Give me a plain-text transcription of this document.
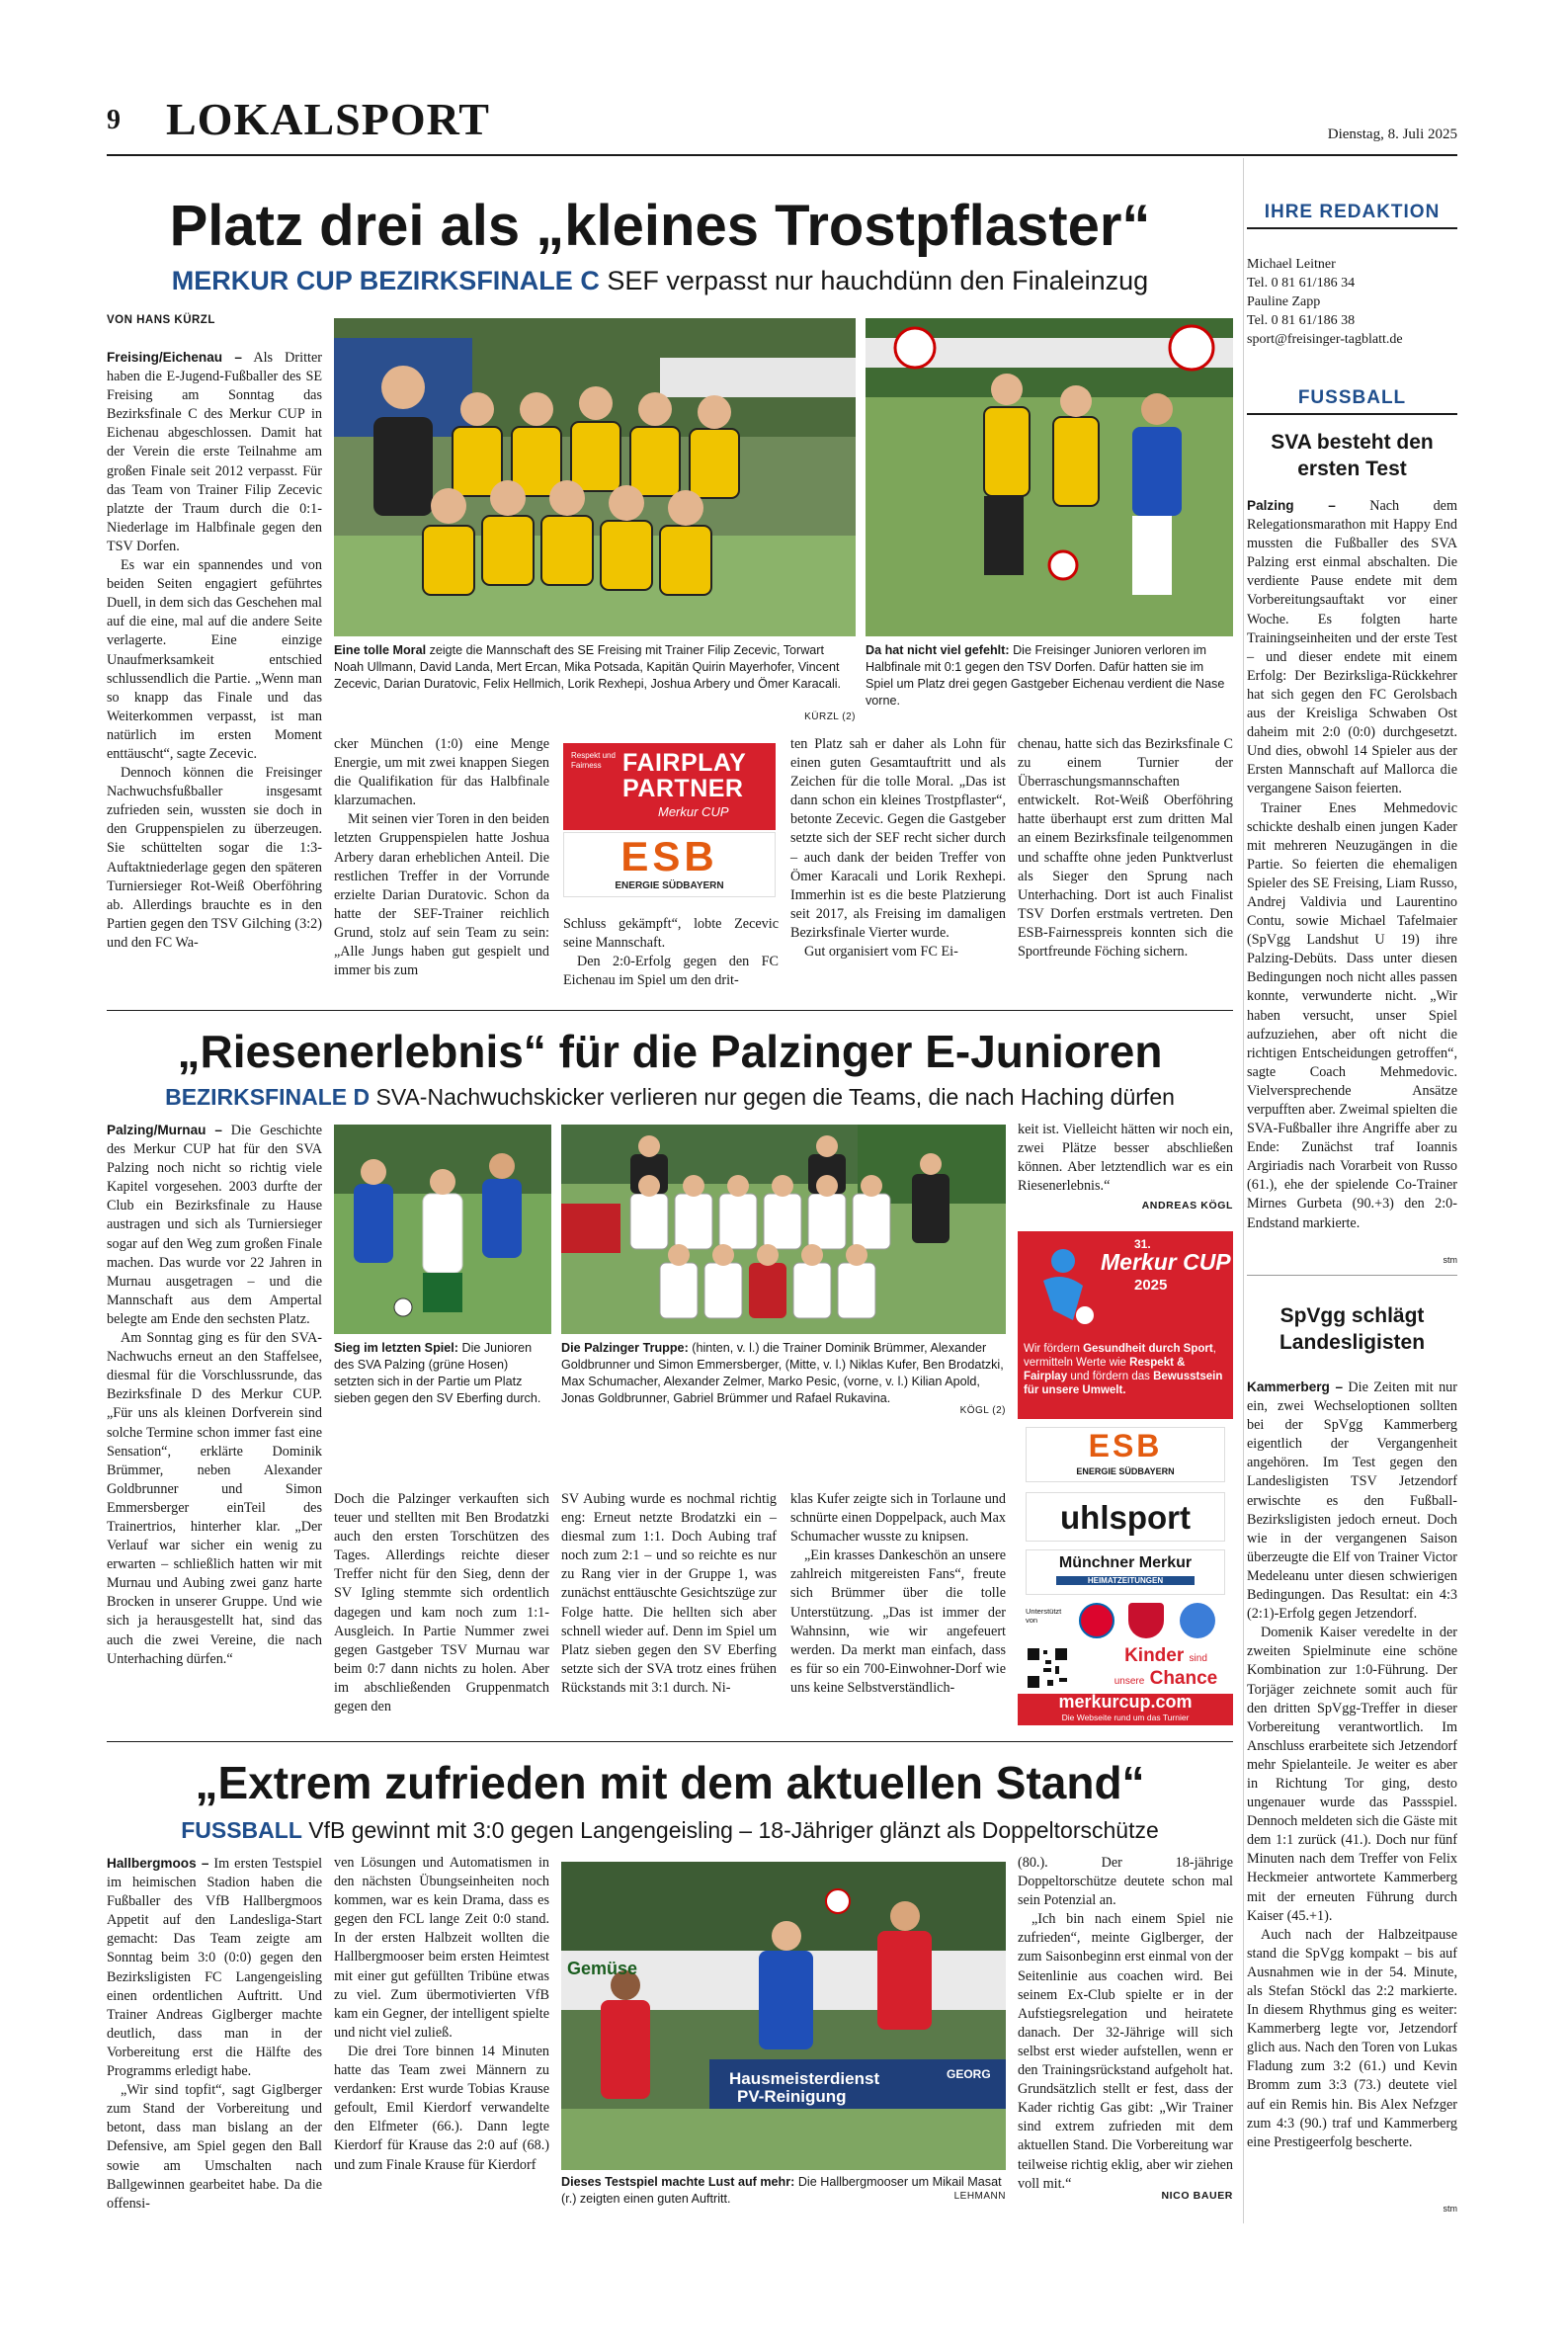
9 LOKALSPORT	Dienstag, 8. Juli 2025
Platz drei als „kleines Trostpflaster“
MERKUR CUP BEZIRKSFINALE C SEF verpasst nur hauchdünn den Finaleinzug
VON HANS KÜRZL

Freising/Eichenau – Als Dritter haben die E-Jugend-Fußballer des SE Freising am Sonntag das Bezirksfinale C des Merkur CUP in Eichenau abgeschlossen. Damit hat der Verein die erste Teilnahme am großen Finale seit 2012 verpasst. Für das Team von Trainer Filip Zecevic platzte der Traum durch die 0:1-Niederlage im Halbfinale gegen den TSV Dorfen.

Es war ein spannendes und von beiden Seiten engagiert geführtes Duell, in dem sich das Geschehen mal auf die eine, mal auf die andere Seite verlagerte. Eine einzige Unaufmerksamkeit entschied schlussendlich die Partie. „Wenn man so knapp das Finale und das Weiterkommen verpasst, ist man natürlich im ersten Moment enttäuscht“, sagte Zecevic.

Dennoch können die Freisinger Nachwuchsfußballer insgesamt zufrieden sein, wussten sie doch in den Gruppenspielen zu überzeugen. Sie schüttelten sogar die 1:3-Auftaktniederlage gegen den späteren Turniersieger Rot-Weiß Oberföhring ab. Allerdings brauchte es in den Partien gegen den TSV Gilching (3:2) und den FC Wa-

Eine tolle Moral zeigte die Mannschaft des SE Freising mit Trainer Filip Zecevic, Torwart Noah Ullmann, David Landa, Mert Ercan, Mika Potsada, Kapitän Quirin Mayerhofer, Vincent Zecevic, Darian Duratovic, Felix Hellmich, Lorik Rexhepi, Joshua Arbery und Ömer Karacali.
KÜRZL (2)
Da hat nicht viel gefehlt: Die Freisinger Junioren verloren im Halbfinale mit 0:1 gegen den TSV Dorfen. Dafür hatten sie im Spiel um Platz drei gegen Gastgeber Eichenau verdient die Nase vorne.

cker München (1:0) eine Menge Energie, um mit zwei knappen Siegen die Qualifikation für das Halbfinale klarzumachen.

Mit seinen vier Toren in den beiden letzten Gruppenspielen hatte Joshua Arbery daran erheblichen Anteil. Die restlichen Treffer in der Vorrunde erzielte Darian Duratovic. Schon da hatte der SEF-Trainer reichlich Grund, stolz auf sein Team zu sein: „Alle Jungs haben gut gespielt und immer bis zum

Respekt und Fairness FAIRPLAY
PARTNER
Merkur CUP
ESB
ENERGIE SÜDBAYERN

Schluss gekämpft“, lobte Zecevic seine Mannschaft.

Den 2:0-Erfolg gegen den FC Eichenau im Spiel um den drit-

ten Platz sah er daher als Lohn für einen guten Gesamtauftritt und als Zeichen für die tolle Moral. „Das ist dann schon ein kleines Trostpflaster“, betonte Zecevic. Gegen die Gastgeber setzte sich der SEF recht sicher durch – auch dank der beiden Treffer von Ömer Karacali und Lorik Rexhepi. Immerhin ist es die beste Platzierung seit 2017, als Freising im damaligen Bezirksfinale Vierter wurde.

Gut organisiert vom FC Ei-

chenau, hatte sich das Bezirksfinale C zu einem Turnier der Überraschungsmannschaften entwickelt. Rot-Weiß Oberföhring hatte überhaupt erst zum dritten Mal an einem Bezirksfinale teilgenommen und schaffte ohne jeden Punktverlust als Sieger den Sprung nach Unterhaching. Dort ist auch Finalist TSV Dorfen erstmals vertreten. Den ESB-Fairnesspreis konnten sich die Sportfreunde Föching sichern.

„Riesenerlebnis“ für die Palzinger E-Junioren
BEZIRKSFINALE D SVA-Nachwuchskicker verlieren nur gegen die Teams, die nach Haching dürfen

Palzing/Murnau – Die Geschichte des Merkur CUP hat für den SVA Palzing noch nicht so richtig viele Kapitel vorgesehen. 2003 durfte der Club ein Bezirksfinale zu Hause austragen und sich als Turniersieger sogar auf den Weg zum großen Finale machen. Das wurde vor 22 Jahren in Murnau ausgetragen – und die Mannschaft aus dem Ampertal belegte am Ende den sechsten Platz.

Am Sonntag ging es für den SVA-Nachwuchs erneut an den Staffelsee, diesmal für die Vorschlussrunde, das Bezirksfinale D des Merkur CUP. „Für uns als kleinen Dorfverein sind solche Termine schon immer fast eine Sensation“, erklärte Dominik Brümmer, neben Alexander Goldbrunner und Simon Emmersberger einTeil des Trainertrios, hinterher klar. „Der Verlauf war sicher ein wenig zu erwarten – schließlich hatten wir mit Murnau und Aubing zwei ganz harte Brocken in unserer Gruppe. Und wie sich ja herausgestellt hat, sind das auch die zwei Vereine, die nach Unterhaching dürfen.“

Sieg im letzten Spiel: Die Junioren des SVA Palzing (grüne Hosen) setzten sich in der Partie um Platz sieben gegen den SV Eberfing durch.
Die Palzinger Truppe: (hinten, v. l.) die Trainer Dominik Brümmer, Alexander Goldbrunner und Simon Emmersberger, (Mitte, v. l.) Niklas Kufer, Ben Brodatzki, Max Schumacher, Alexander Zelmer, Marko Pesic, (vorne, v. l.) Kilian Apold, Jonas Goldbrunner, Gabriel Brümmer und Rafael Rukavina.
KÖGL (2)

keit ist. Vielleicht hätten wir noch ein, zwei Plätze besser abschließen können. Aber letztendlich war es ein Riesenerlebnis.“

ANDREAS KÖGL

Doch die Palzinger verkauften sich teuer und stellten mit Ben Brodatzki auch den ersten Torschützen des Tages. Allerdings reichte dieser Treffer nicht für den Sieg, denn der SV Igling stemmte sich ordentlich dagegen und kam noch zum 1:1-Ausgleich. In Partie Nummer zwei gegen Gastgeber TSV Murnau war beim 0:7 dann nichts zu holen. Aber im abschließenden Gruppenmatch gegen den

SV Aubing wurde es nochmal richtig eng: Erneut netzte Brodatzki ein – diesmal zum 1:1. Doch Aubing traf noch zum 2:1 – und so reichte es nur zu Rang vier in der Gruppe 1, was zunächst enttäuschte Gesichtszüge zur Folge hatte. Die hellten sich aber schnell wieder auf. Denn im Spiel um Platz sieben gegen den SV Eberfing setzte sich der SVA trotz eines frühen Rückstands mit 3:1 durch. Ni-

klas Kufer zeigte sich in Torlaune und schnürte einen Doppelpack, auch Max Schumacher wusste zu knipsen.

„Ein krasses Dankeschön an unsere zahlreich mitgereisten Fans“, freute sich Brümmer über die tolle Unterstützung. „Das ist immer der Wahnsinn, wie wir angefeuert werden. Da merkt man einfach, dass es für so ein 700-Einwohner-Dorf wie uns keine Selbstverständlich-

31.
Merkur CUP
2025
Wir fördern Gesundheit durch Sport, vermitteln Werte wie Respekt & Fairplay und fördern das Bewusstsein für unsere Umwelt.
ESB
ENERGIE SÜDBAYERN
uhlsport
Münchner Merkur
HEIMATZEITUNGEN
Unterstützt von
Kinder sind
unsere Chance
merkurcup.com
Die Webseite rund um das Turnier
„Extrem zufrieden mit dem aktuellen Stand“
FUSSBALL VfB gewinnt mit 3:0 gegen Langengeisling – 18-Jähriger glänzt als Doppeltorschütze

Hallbergmoos – Im ersten Testspiel im heimischen Stadion haben die Fußballer des VfB Hallbergmoos Appetit auf den Landesliga-Start gemacht: Das Team zeigte am Sonntag beim 3:0 (0:0) gegen den Bezirksligisten FC Langengeisling einen ordentlichen Auftritt. Und Trainer Andreas Giglberger machte deutlich, dass man in der Vorbereitung erst die Hälfte des Programms erledigt habe.

„Wir sind topfit“, sagt Giglberger zum Stand der Vorbereitung und betont, dass man bislang an der Defensive, am Spiel gegen den Ball sowie am Umschalten nach Ballgewinnen gearbeitet habe. Da die offensi-

ven Lösungen und Automatismen in den nächsten Übungseinheiten noch kommen, war es kein Drama, dass es gegen den FCL lange Zeit 0:0 stand. In der ersten Halbzeit wollten die Hallbergmooser beim ersten Heimtest mit einer gut gefüllten Tribüne etwas zu viel. Zum übermotivierten VfB kam ein Gegner, der intelligent spielte und nicht viel zuließ.

Die drei Tore binnen 14 Minuten hatte das Team zwei Männern zu verdanken: Erst wurde Tobias Krause gefoult, Emil Kierdorf verwandelte den Elfmeter (66.). Dann legte Kierdorf für Krause das 2:0 auf (68.) und zum Finale Krause für Kierdorf

Gemüse
Hausmeisterdienst
PV-Reinigung
GEORG
Dieses Testspiel machte Lust auf mehr: Die Hallbergmooser um Mikail Masat (r.) zeigten einen guten Auftritt.	LEHMANN

(80.). Der 18-jährige Doppeltorschütze deutete schon mal sein Potenzial an.

„Ich bin nach einem Spiel nie zufrieden“, meinte Giglberger, der zum Saisonbeginn erst einmal von der Seitenlinie aus coachen wird. Bei seinem Ex-Club spielte er in der Aufstiegsrelegation und heiratete danach. Der 32-Jährige will sich selbst erst wieder aufstellen, wenn er den Trainingsrückstand aufgeholt hat. Grundsätzlich stellt er fest, dass der Kader richtig Gas gibt: „Wir Trainer sind extrem zufrieden mit dem aktuellen Stand. Die Vorbereitung war teilweise richtig eklig, aber wir ziehen voll mit.“

NICO BAUER
IHRE REDAKTION
Michael Leitner
Tel. 0 81 61/186 34
Pauline Zapp
Tel. 0 81 61/186 38
sport@freisinger-tagblatt.de
FUSSBALL
SVA besteht den ersten Test

Palzing – Nach dem Relegationsmarathon mit Happy End mussten die Fußballer des SVA Palzing erst einmal abschalten. Die verdiente Pause endete mit dem Vorbereitungsauftakt vor einer Woche. Es folgten harte Trainingseinheiten und der erste Test – und dieser endete mit einem Erfolg: Der Bezirksliga-Rückkehrer hat sich gegen den FC Gerolsbach aus der Kreisliga Schwaben Ost daheim mit 2:0 (0:0) durchgesetzt. Und dies, obwohl 14 Spieler aus der Ersten Mannschaft auf Mallorca die vergangene Saison feierten.

Trainer Enes Mehmedovic schickte deshalb einen jungen Kader mit mehreren Neuzugängen in die Partie. So feierten die ehemaligen Spieler des SE Freising, Liam Russo, Andrej Valdivia und Laurentino Contu, sowie Michael Tafelmaier (SpVgg Landshut U 19) ihre Palzing-Debüts. Dass unter diesen Bedingungen noch nicht alles passen konnte, verwunderte nicht. „Wir haben versucht, unser Spiel aufzuziehen, aber oft nicht die richtigen Entscheidungen getroffen“, sagte Coach Mehmedovic. Vielversprechende Ansätze verpufften aber. Zweimal spielten die SVA-Fußballer ihre Angriffe aber zu Ende: Zunächst traf Ioannis Argiriadis nach Vorarbeit von Russo (61.), ehe der spielende Co-Trainer Mirnes Gurbeta (90.+3) den 2:0-Endstand markierte.

stm
SpVgg schlägt Landesligisten

Kammerberg – Die Zeiten mit nur ein, zwei Wechseloptionen sollten bei der SpVgg Kammerberg eigentlich der Vergangenheit angehören. Im Test gegen den Landesligisten TSV Jetzendorf erwischte es den Fußball-Bezirksligisten jedoch erneut. Doch wie in der vergangenen Saison überzeugte die Elf von Trainer Victor Medeleanu unter diesen schwierigen Bedingungen. Das Resultat: ein 4:3 (2:1)-Erfolg gegen Jetzendorf.

Domenik Kaiser veredelte in der zweiten Spielminute eine schöne Kombination zur 1:0-Führung. Der Torjäger zeichnete somit auch für den dritten SpVgg-Treffer in dieser Vorbereitung verantwortlich. Im Anschluss erarbeitete sich Jetzendorf mehr Spielanteile. Je weiter es aber in Richtung Tor ging, desto ungenauer wurde das Passspiel. Dennoch meldeten sich die Gäste mit dem 1:1 zurück (41.). Doch nur fünf Minuten nach dem Treffer von Felix Heckmeier antwortete Kammerberg mit der erneuten Führung durch Kaiser (45.+1).

Auch nach der Halbzeitpause stand die SpVgg kompakt – bis auf Ausnahmen wie in der 54. Minute, als Stefan Stöckl das 2:2 markierte. In diesem Rhythmus ging es weiter: Kammerberg legte vor, Jetzendorf glich aus. Nach den Toren von Lukas Fladung zum 3:2 (61.) und Kevin Bromm zum 3:3 (73.) deutete viel auf ein Remis hin. Bis Alex Nefzger zum 4:3 (90.) traf und Kammerberg eine Prestigeerfolg bescherte.

stm
